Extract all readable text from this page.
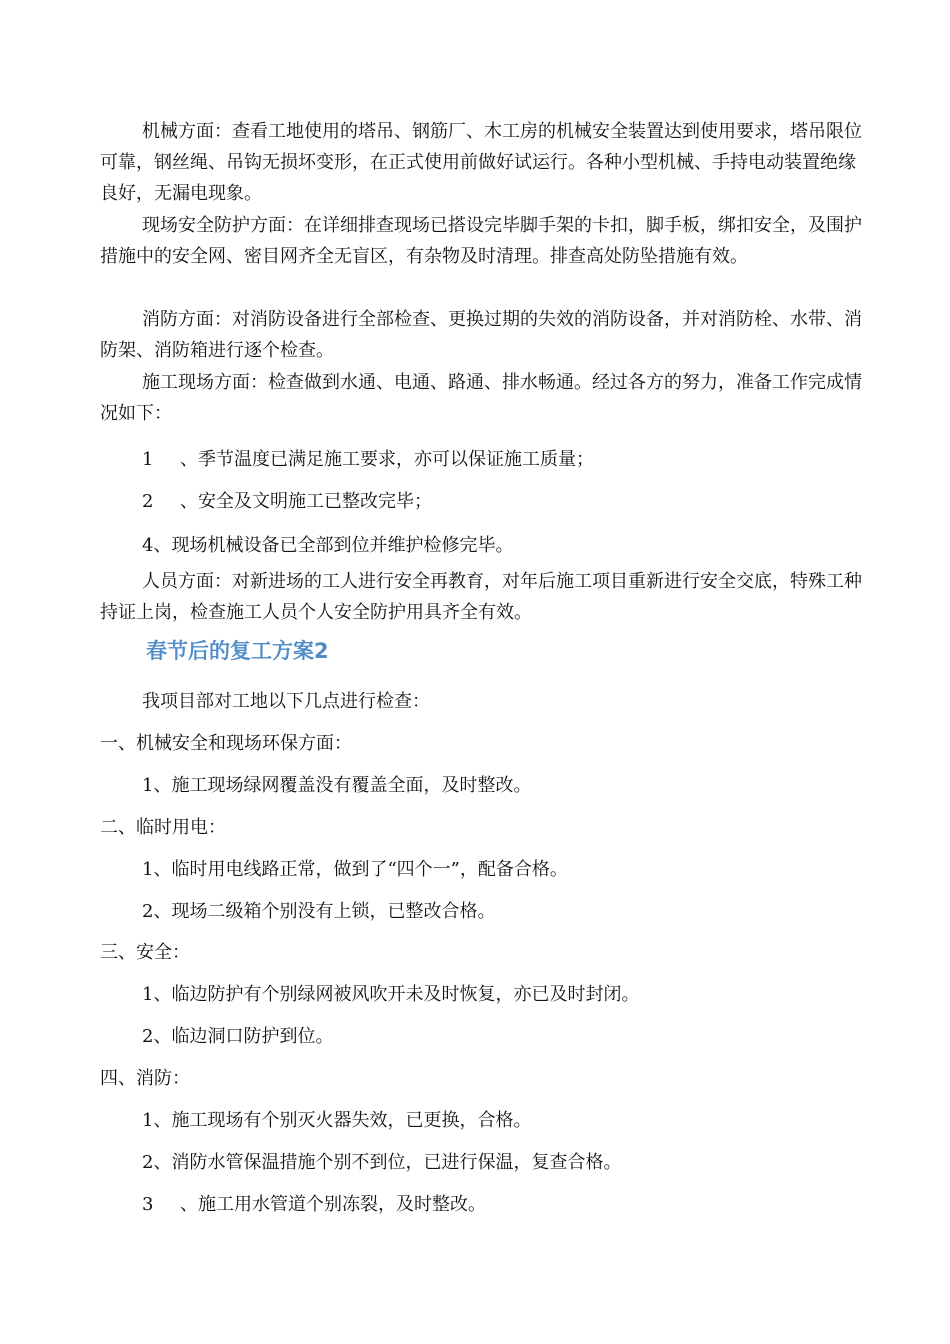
机械方面：查看工地使用的塔吊、钢筋厂、木工房的机械安全装置达到使用要求，塔吊限位可靠，钢丝绳、吊钩无损坏变形，在正式使用前做好试运行。各种小型机械、手持电动装置绝缘良好，无漏电现象。

现场安全防护方面：在详细排查现场已搭设完毕脚手架的卡扣，脚手板，绑扣安全，及围护措施中的安全网、密目网齐全无盲区，有杂物及时清理。排查高处防坠措施有效。

消防方面：对消防设备进行全部检查、更换过期的失效的消防设备，并对消防栓、水带、消防架、消防箱进行逐个检查。

施工现场方面：检查做到水通、电通、路通、排水畅通。经过各方的努力，准备工作完成情况如下：

1 、季节温度已满足施工要求，亦可以保证施工质量；

2 、安全及文明施工已整改完毕；

4、现场机械设备已全部到位并维护检修完毕。

人员方面：对新进场的工人进行安全再教育，对年后施工项目重新进行安全交底，特殊工种持证上岗，检查施工人员个人安全防护用具齐全有效。

春节后的复工方案2

我项目部对工地以下几点进行检查：

一、机械安全和现场环保方面：

1、施工现场绿网覆盖没有覆盖全面，及时整改。

二、临时用电：

1、临时用电线路正常，做到了“四个一”，配备合格。

2、现场二级箱个别没有上锁，已整改合格。

三、安全：

1、临边防护有个别绿网被风吹开未及时恢复，亦已及时封闭。

2、临边洞口防护到位。

四、消防：

1、施工现场有个别灭火器失效，已更换，合格。

2、消防水管保温措施个别不到位，已进行保温，复查合格。

3 、施工用水管道个别冻裂，及时整改。
